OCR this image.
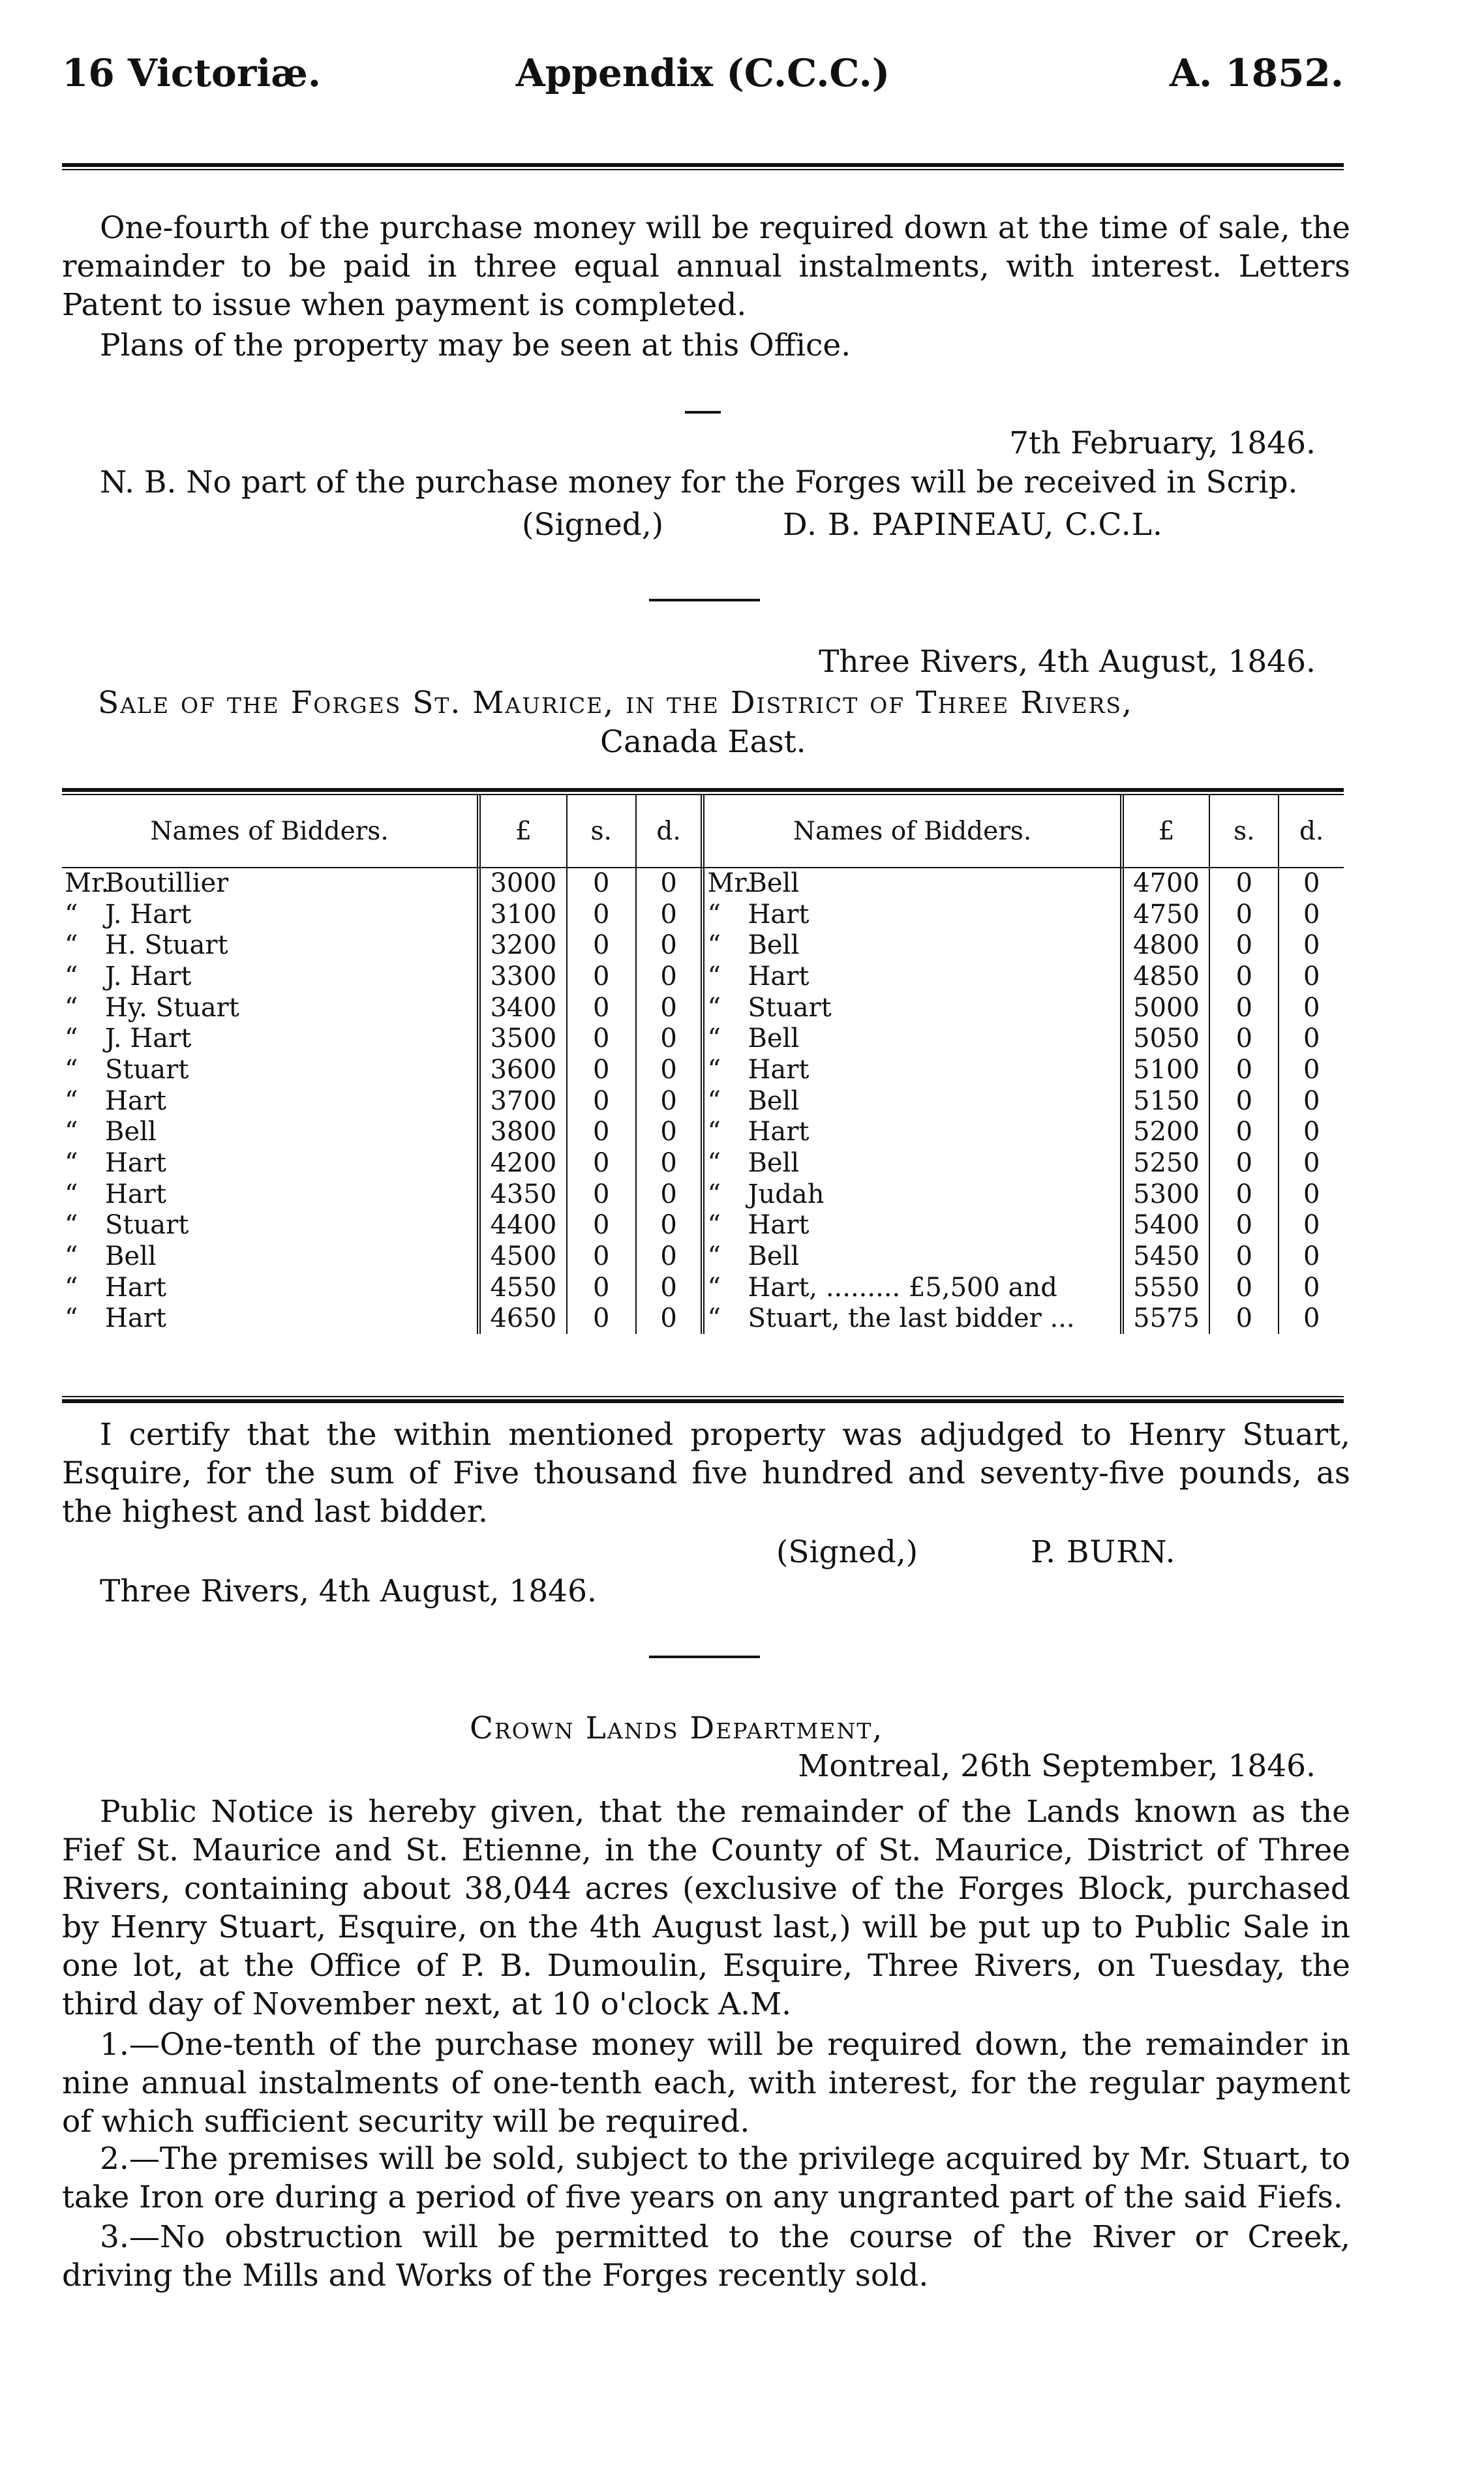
16 Victoriæ.	Appendix (C.C.C.)	A. 1852.
One-fourth of the purchase money will be required down at the time of sale, the remainder to be paid in three equal annual instalments, with interest. Letters Patent to issue when payment is completed.
Plans of the property may be seen at this Office.
7th February, 1846.
N. B. No part of the purchase money for the Forges will be received in Scrip.
(Signed,)	D. B. PAPINEAU, C.C.L.
Three Rivers, 4th August, 1846.
Sale of the Forges St. Maurice, in the District of Three Rivers,
Canada East.
Names of Bidders.	£	s.	d.	Names of Bidders.	£	s.	d.
Mr.Boutillier	3000	0	0	Mr.Bell	4700	0	0
“ J. Hart	3100	0	0	“ Hart	4750	0	0
“ H. Stuart	3200	0	0	“ Bell	4800	0	0
“ J. Hart	3300	0	0	“ Hart	4850	0	0
“ Hy. Stuart	3400	0	0	“ Stuart	5000	0	0
“ J. Hart	3500	0	0	“ Bell	5050	0	0
“ Stuart	3600	0	0	“ Hart	5100	0	0
“ Hart	3700	0	0	“ Bell	5150	0	0
“ Bell	3800	0	0	“ Hart	5200	0	0
“ Hart	4200	0	0	“ Bell	5250	0	0
“ Hart	4350	0	0	“ Judah	5300	0	0
“ Stuart	4400	0	0	“ Hart	5400	0	0
“ Bell	4500	0	0	“ Bell	5450	0	0
“ Hart	4550	0	0	“ Hart, ......... £5,500 and	5550	0	0
“ Hart	4650	0	0	“ Stuart, the last bidder ...	5575	0	0
I certify that the within mentioned property was adjudged to Henry Stuart, Esquire, for the sum of Five thousand five hundred and seventy-five pounds, as the highest and last bidder.
(Signed,)	P. BURN.
Three Rivers, 4th August, 1846.
Crown Lands Department,
Montreal, 26th September, 1846.
Public Notice is hereby given, that the remainder of the Lands known as the Fief St. Maurice and St. Etienne, in the County of St. Maurice, District of Three Rivers, containing about 38,044 acres (exclusive of the Forges Block, purchased by Henry Stuart, Esquire, on the 4th August last,) will be put up to Public Sale in one lot, at the Office of P. B. Dumoulin, Esquire, Three Rivers, on Tuesday, the third day of November next, at 10 o'clock A.M.
1.—One-tenth of the purchase money will be required down, the remainder in nine annual instalments of one-tenth each, with interest, for the regular payment of which sufficient security will be required.
2.—The premises will be sold, subject to the privilege acquired by Mr. Stuart, to take Iron ore during a period of five years on any ungranted part of the said Fiefs.
3.—No obstruction will be permitted to the course of the River or Creek, driving the Mills and Works of the Forges recently sold.
